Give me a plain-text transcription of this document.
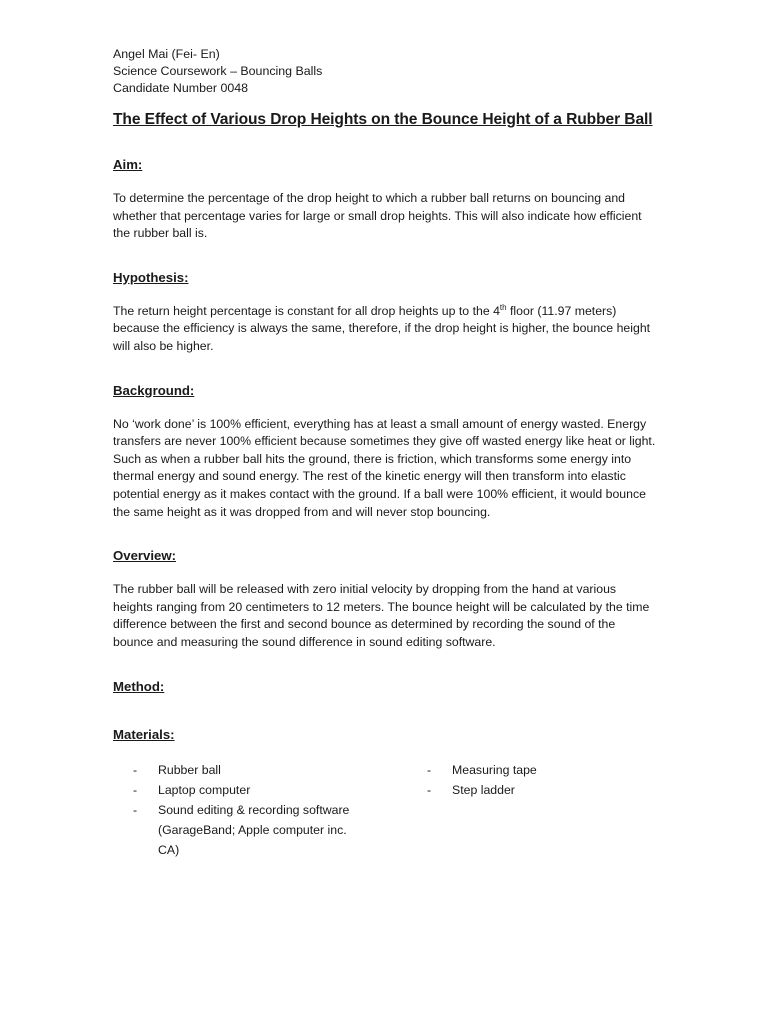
Angel Mai (Fei- En)

Science Coursework – Bouncing Balls

Candidate Number 0048

The Effect of Various Drop Heights on the Bounce Height of a Rubber Ball
Aim:

To determine the percentage of the drop height to which a rubber ball returns on bouncing and whether that percentage varies for large or small drop heights. This will also indicate how efficient the rubber ball is.

Hypothesis:

The return height percentage is constant for all drop heights up to the 4th floor (11.97 meters) because the efficiency is always the same, therefore, if the drop height is higher, the bounce height will also be higher.

Background:

No ‘work done’ is 100% efficient, everything has at least a small amount of energy wasted. Energy transfers are never 100% efficient because sometimes they give off wasted energy like heat or light. Such as when a rubber ball hits the ground, there is friction, which transforms some energy into thermal energy and sound energy. The rest of the kinetic energy will then transform into elastic potential energy as it makes contact with the ground. If a ball were 100% efficient, it would bounce the same height as it was dropped from and will never stop bouncing.

Overview:

The rubber ball will be released with zero initial velocity by dropping from the hand at various heights ranging from 20 centimeters to 12 meters. The bounce height will be calculated by the time difference between the first and second bounce as determined by recording the sound of the bounce and measuring the sound difference in sound editing software.

Method:
Materials:
- Rubber ball
- Laptop computer
- Sound editing & recording software (GarageBand; Apple computer inc. CA)
- Measuring tape
- Step ladder
